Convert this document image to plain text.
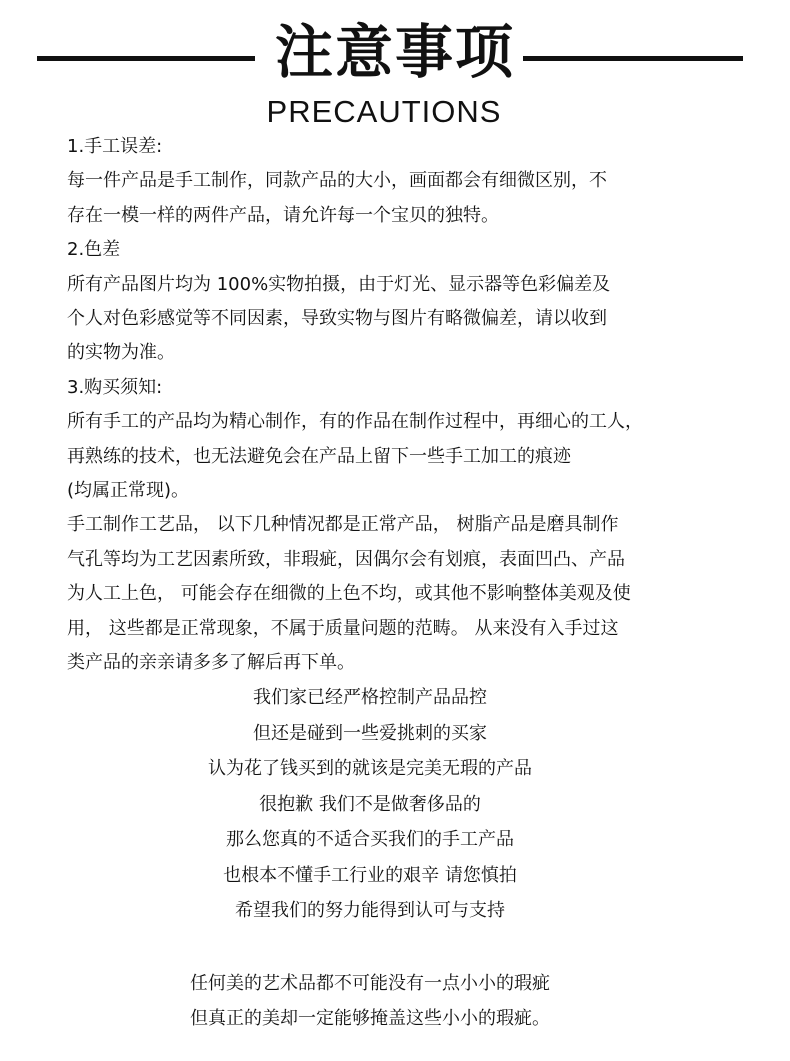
注意事项
PRECAUTIONS
1.手工误差:
每一件产品是手工制作，同款产品的大小，画面都会有细微区别，不
存在一模一样的两件产品，请允许每一个宝贝的独特。
2.色差
所有产品图片均为 100%实物拍摄，由于灯光、显示器等色彩偏差及
个人对色彩感觉等不同因素，导致实物与图片有略微偏差，请以收到
的实物为准。
3.购买须知:
所有手工的产品均为精心制作，有的作品在制作过程中，再细心的工人，
再熟练的技术，也无法避免会在产品上留下一些手工加工的痕迹
(均属正常现)。
手工制作工艺品， 以下几种情况都是正常产品， 树脂产品是磨具制作
气孔等均为工艺因素所致，非瑕疵，因偶尔会有划痕，表面凹凸、产品
为人工上色， 可能会存在细微的上色不均，或其他不影响整体美观及使
用， 这些都是正常现象，不属于质量问题的范畴。 从来没有入手过这
类产品的亲亲请多多了解后再下单。
我们家已经严格控制产品品控
但还是碰到一些爱挑刺的买家
认为花了钱买到的就该是完美无瑕的产品
很抱歉 我们不是做奢侈品的
那么您真的不适合买我们的手工产品
也根本不懂手工行业的艰辛 请您慎拍
希望我们的努力能得到认可与支持
任何美的艺术品都不可能没有一点小小的瑕疵
但真正的美却一定能够掩盖这些小小的瑕疵。
